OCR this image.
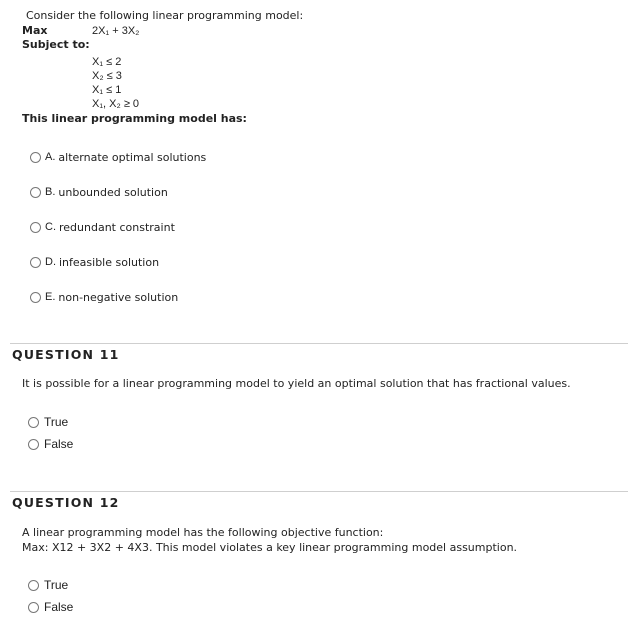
Consider the following linear programming model:
Max	2X₁ + 3X₂
Subject to:
X₁ ≤ 2
X₂ ≤ 3
X₁ ≤ 1
X₁, X₂ ≥ 0
This linear programming model has:
A. alternate optimal solutions
B. unbounded solution
C. redundant constraint
D. infeasible solution
E. non-negative solution
QUESTION 11
It is possible for a linear programming model to yield an optimal solution that has fractional values.
True
False
QUESTION 12
A linear programming model has the following objective function:
Max: X12 + 3X2 + 4X3. This model violates a key linear programming model assumption.
True
False
